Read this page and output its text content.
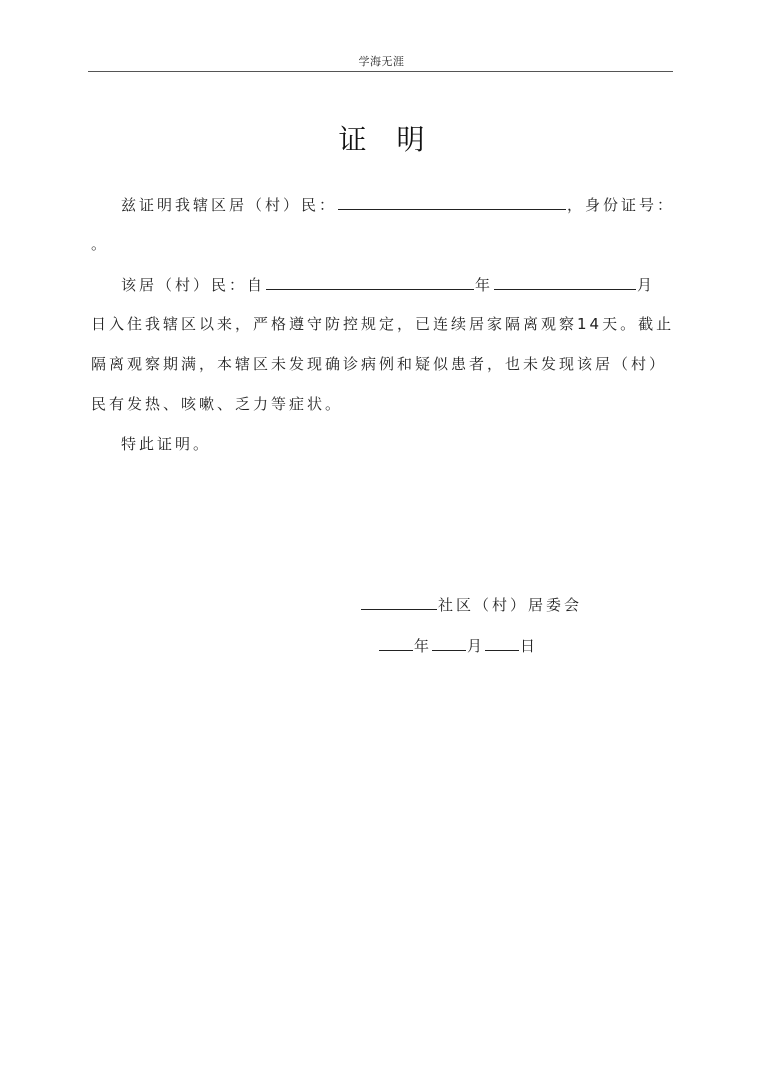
学海无涯
证 明
兹证明我辖区居（村）民：	，身份证号：
。
该居（村）民：自	年	月
日入住我辖区以来，严格遵守防控规定，已连续居家隔离观察14天。截止
隔离观察期满，本辖区未发现确诊病例和疑似患者，也未发现该居（村）
民有发热、咳嗽、乏力等症状。
特此证明。
社区（村）居委会
年 月 日
